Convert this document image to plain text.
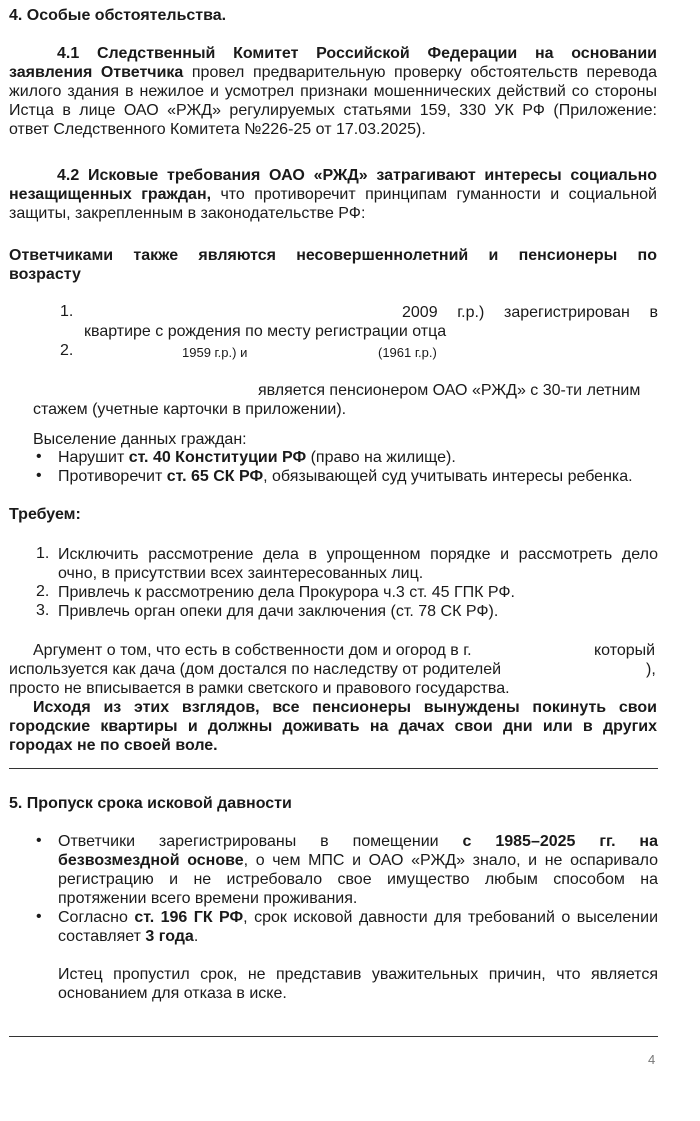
4. Особые обстоятельства.
4.1 Следственный Комитет Российской Федерации на основании
заявления Ответчика провел предварительную проверку обстоятельств перевода
жилого здания в нежилое и усмотрел признаки мошеннических действий со стороны
Истца в лице ОАО «РЖД» регулируемых статьями 159, 330 УК РФ (Приложение:
ответ Следственного Комитета №226-25 от 17.03.2025).
4.2 Исковые требования ОАО «РЖД» затрагивают интересы социально
незащищенных граждан, что противоречит принципам гуманности и социальной
защиты, закрепленным в законодательстве РФ:
Ответчиками также являются несовершеннолетний и пенсионеры по
возрасту
1.	2009 г.р.) зарегистрирован в
квартире с рождения по месту регистрации отца
2.	1959 г.р.) и	(1961 г.р.)
является пенсионером ОАО «РЖД» с 30-ти летним
стажем (учетные карточки в приложении).
Выселение данных граждан:
• Нарушит ст. 40 Конституции РФ (право на жилище).
• Противоречит ст. 65 СК РФ, обязывающей суд учитывать интересы ребенка.
Требуем:
1. Исключить рассмотрение дела в упрощенном порядке и рассмотреть дело
очно, в присутствии всех заинтересованных лиц.
2. Привлечь к рассмотрению дела Прокурора ч.3 ст. 45 ГПК РФ.
3. Привлечь орган опеки для дачи заключения (ст. 78 СК РФ).
Аргумент о том, что есть в собственности дом и огород в г.	который
используется как дача (дом достался по наследству от родителей	),
просто не вписывается в рамки светского и правового государства.
Исходя из этих взглядов, все пенсионеры вынуждены покинуть свои
городские квартиры и должны доживать на дачах свои дни или в других
городах не по своей воле.
5. Пропуск срока исковой давности
• Ответчики зарегистрированы в помещении с 1985–2025 гг. на
безвозмездной основе, о чем МПС и ОАО «РЖД» знало, и не оспаривало
регистрацию и не истребовало свое имущество любым способом на
протяжении всего времени проживания.
• Согласно ст. 196 ГК РФ, срок исковой давности для требований о выселении
составляет 3 года.
Истец пропустил срок, не представив уважительных причин, что является
основанием для отказа в иске.
4
